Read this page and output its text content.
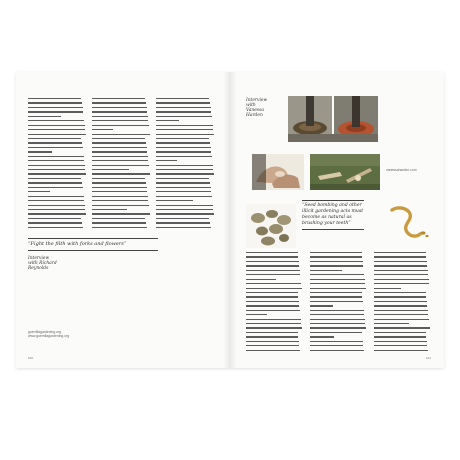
“Fight the filth with forks and flowers”
Interview with Richard Reynolds
guerrillagardening.org
www.guerrillagardening.org
100
Interview with Vanessa Harden
“Seed bombing and other illicit gardening acts must become as natural as brushing your teeth”
vanessaharden.com
101
